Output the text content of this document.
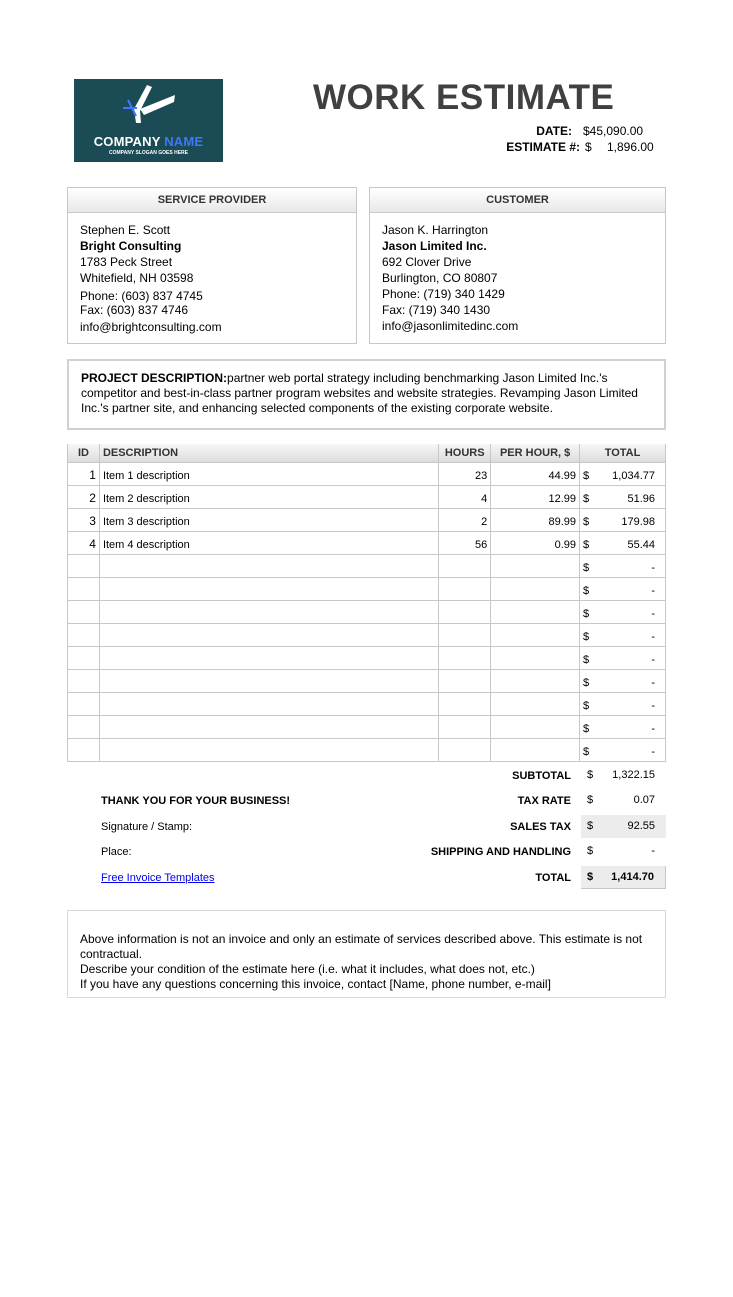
COMPANY NAME
COMPANY SLOGAN GOES HERE
WORK ESTIMATE
DATE: $45,090.00
ESTIMATE #: $ 1,896.00
SERVICE PROVIDER
Stephen E. Scott
Bright Consulting
1783 Peck Street
Whitefield, NH 03598
Phone: (603) 837 4745
Fax: (603) 837 4746
info@brightconsulting.com
CUSTOMER
Jason K. Harrington
Jason Limited Inc.
692 Clover Drive
Burlington, CO 80807
Phone: (719) 340 1429
Fax: (719) 340 1430
info@jasonlimitedinc.com
PROJECT DESCRIPTION:partner web portal strategy including benchmarking Jason Limited Inc.'s
competitor and best-in-class partner program websites and website strategies. Revamping Jason Limited
Inc.'s partner site, and enhancing selected components of the existing corporate website.
ID	DESCRIPTION	HOURS	PER HOUR, $	TOTAL
1	Item 1 description	23	44.99	$ 1,034.77

2	Item 2 description	4	12.99	$ 51.96

3	Item 3 description	2	89.99	$ 179.98

4	Item 4 description	56	0.99	$ 55.44

				$ -

				$ -

				$ -

				$ -

				$ -

				$ -

				$ -

				$ -

				$ -
SUBTOTAL $ 1,322.15
THANK YOU FOR YOUR BUSINESS!	TAX RATE $	0.07
Signature / Stamp:	SALES TAX $	92.55
Place:	SHIPPING AND HANDLING $	-
Free Invoice Templates	TOTAL $ 1,414.70
Above information is not an invoice and only an estimate of services described above. This estimate is not
contractual.
Describe your condition of the estimate here (i.e. what it includes, what does not, etc.)
If you have any questions concerning this invoice, contact [Name, phone number, e-mail]
